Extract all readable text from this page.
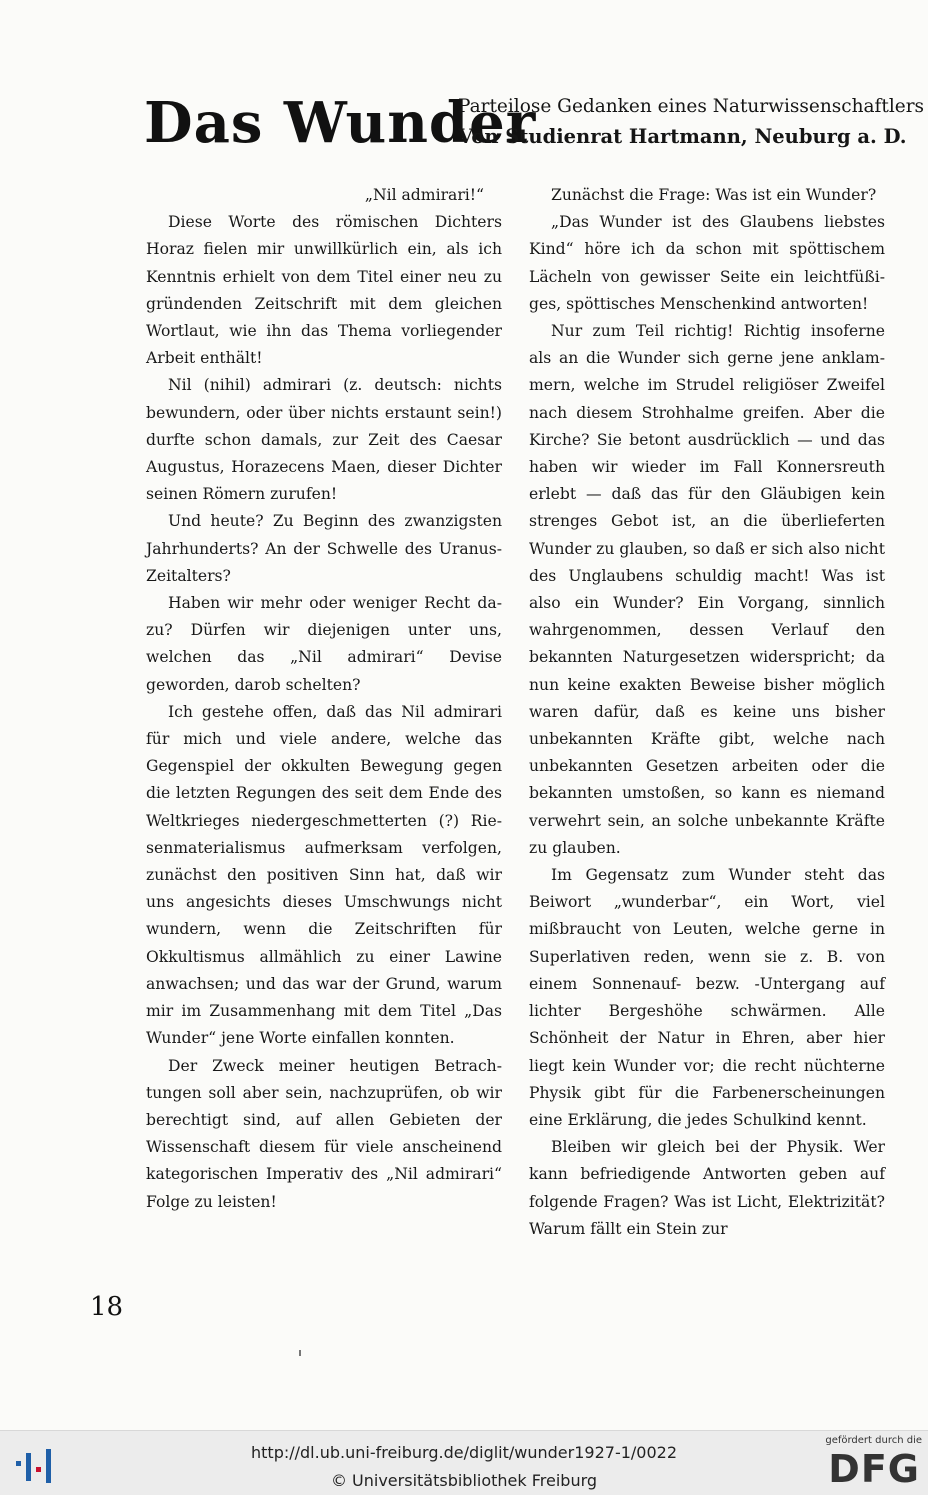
Das Wunder
Parteilose Gedanken eines Naturwissenschaftlers
Von Studienrat Hartmann, Neuburg a. D.

„Nil admirari!“

Diese Worte des römischen Dichters Horaz fielen mir unwillkürlich ein, als ich Kenntnis erhielt von dem Titel einer neu zu gründenden Zeitschrift mit dem gleichen Wortlaut, wie ihn das Thema vorliegender Arbeit enthält!

Nil (nihil) admirari (z. deutsch: nichts bewundern, oder über nichts erstaunt sein!) durfte schon damals, zur Zeit des Caesar Augustus, Horazecens Maen, dieser Dichter seinen Römern zurufen!

Und heute? Zu Beginn des zwanzigsten Jahrhunderts? An der Schwelle des Uranus-Zeitalters?

Haben wir mehr oder weniger Recht dazu? Dürfen wir diejenigen unter uns, welchen das „Nil admirari“ Devise geworden, darob schelten?

Ich gestehe offen, daß das Nil admirari für mich und viele andere, welche das Gegenspiel der okkulten Bewegung gegen die letzten Regungen des seit dem Ende des Weltkrieges niedergeschmetterten (?) Riesenmaterialismus aufmerksam verfolgen, zunächst den positiven Sinn hat, daß wir uns angesichts dieses Umschwungs nicht wundern, wenn die Zeitschriften für Okkultismus allmählich zu einer Lawine anwachsen; und das war der Grund, warum mir im Zusammenhang mit dem Titel „Das Wunder“ jene Worte einfallen konnten.

Der Zweck meiner heutigen Betrachtungen soll aber sein, nachzuprüfen, ob wir berechtigt sind, auf allen Gebieten der Wissenschaft diesem für viele anscheinend kategorischen Imperativ des „Nil admirari“ Folge zu leisten!

Zunächst die Frage: Was ist ein Wunder?

„Das Wunder ist des Glaubens liebstes Kind“ höre ich da schon mit spöttischem Lächeln von gewisser Seite ein leichtfüßiges, spöttisches Menschenkind antworten!

Nur zum Teil richtig! Richtig insoferne als an die Wunder sich gerne jene anklammern, welche im Strudel religiöser Zweifel nach diesem Strohhalme greifen. Aber die Kirche? Sie betont ausdrücklich — und das haben wir wieder im Fall Konnersreuth erlebt — daß das für den Gläubigen kein strenges Gebot ist, an die überlieferten Wunder zu glauben, so daß er sich also nicht des Unglaubens schuldig macht! Was ist also ein Wunder? Ein Vorgang, sinnlich wahrgenommen, dessen Verlauf den bekannten Naturgesetzen widerspricht; da nun keine exakten Beweise bisher möglich waren dafür, daß es keine uns bisher unbekannten Kräfte gibt, welche nach unbekannten Gesetzen arbeiten oder die bekannten umstoßen, so kann es niemand verwehrt sein, an solche unbekannte Kräfte zu glauben.

Im Gegensatz zum Wunder steht das Beiwort „wunderbar“, ein Wort, viel mißbraucht von Leuten, welche gerne in Superlativen reden, wenn sie z. B. von einem Sonnenauf- bezw. -Untergang auf lichter Bergeshöhe schwärmen. Alle Schönheit der Natur in Ehren, aber hier liegt kein Wunder vor; die recht nüchterne Physik gibt für die Farbenerscheinungen eine Erklärung, die jedes Schulkind kennt.

Bleiben wir gleich bei der Physik. Wer kann befriedigende Antworten geben auf folgende Fragen? Was ist Licht, Elektrizität? Warum fällt ein Stein zur

18
http://dl.ub.uni-freiburg.de/diglit/wunder1927-1/0022
© Universitätsbibliothek Freiburg
gefördert durch die
DFG
